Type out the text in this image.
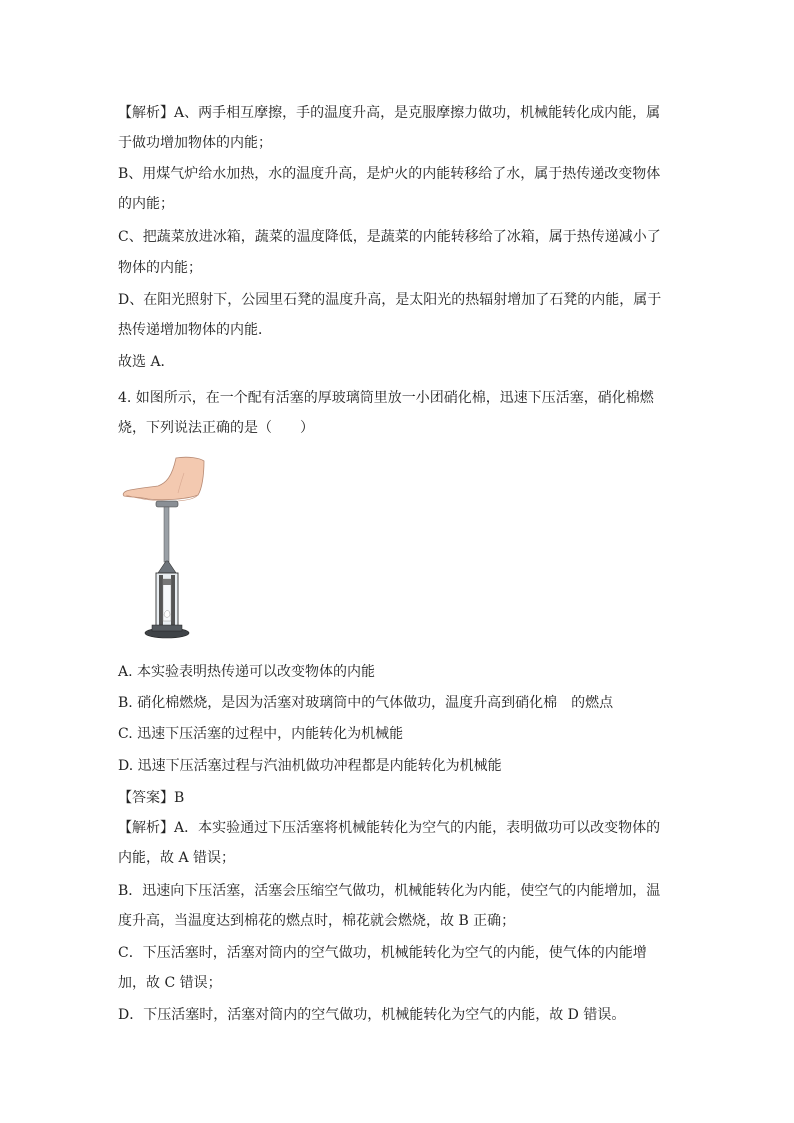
【解析】A、两手相互摩擦，手的温度升高，是克服摩擦力做功，机械能转化成内能，属
于做功增加物体的内能；
B、用煤气炉给水加热，水的温度升高，是炉火的内能转移给了水，属于热传递改变物体
的内能；
C、把蔬菜放进冰箱，蔬菜的温度降低，是蔬菜的内能转移给了冰箱，属于热传递减小了
物体的内能；
D、在阳光照射下，公园里石凳的温度升高，是太阳光的热辐射增加了石凳的内能，属于
热传递增加物体的内能．
故选 A．
4. 如图所示，在一个配有活塞的厚玻璃筒里放一小团硝化棉，迅速下压活塞，硝化棉燃
烧，下列说法正确的是（　　）
A. 本实验表明热传递可以改变物体的内能
B. 硝化棉燃烧，是因为活塞对玻璃筒中的气体做功，温度升高到硝化棉　的燃点
C. 迅速下压活塞的过程中，内能转化为机械能
D. 迅速下压活塞过程与汽油机做功冲程都是内能转化为机械能
【答案】B
【解析】A．本实验通过下压活塞将机械能转化为空气的内能，表明做功可以改变物体的
内能，故 A 错误；
B．迅速向下压活塞，活塞会压缩空气做功，机械能转化为内能，使空气的内能增加，温
度升高，当温度达到棉花的燃点时，棉花就会燃烧，故 B 正确；
C．下压活塞时，活塞对筒内的空气做功，机械能转化为空气的内能，使气体的内能增
加，故 C 错误；
D．下压活塞时，活塞对筒内的空气做功，机械能转化为空气的内能，故 D 错误。
